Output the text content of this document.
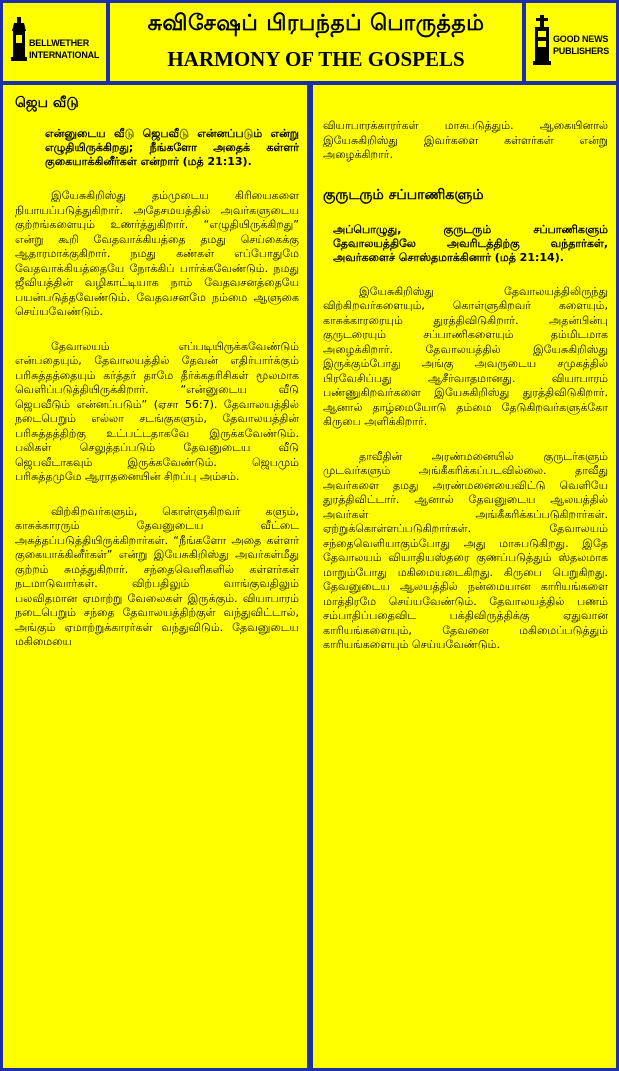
BELLWETHER
INTERNATIONAL
சுவிசேஷப் பிரபந்தப் பொருத்தம்
HARMONY OF THE GOSPELS
GOOD NEWS
PUBLISHERS
ஜெப வீடு

என்னுடைய வீடு ஜெபவீடு என்னப்படும் என்று எழுதியிருக்கிறது; நீங்களோ அதைக் கள்ளர் குகையாக்கினீர்கள் என்றார் (மத் 21:13).

இயேசுகிறிஸ்து தம்முடைய கிரியைகளை நியாயப்படுத்துகிறார். அதேசமயத்தில் அவர்களுடைய குற்றங்களையும் உணர்த்துகிறார். “எழுதியிருக்கிறது” என்று கூறி வேதவாக்கியத்தை தமது செய்கைக்கு ஆதாரமாக்குகிறார். நமது கண்கள் எப்போதுமே வேதவாக்கியத்தையே நோக்கிப் பார்க்கவேண்டும். நமது ஜீவியத்தின் வழிகாட்டியாக நாம் வேதவசனத்தையே பயன்படுத்தவேண்டும். வேதவசனமே நம்மை ஆளுகை செய்யவேண்டும்.

தேவாலயம் எப்படியிருக்கவேண்டும் என்பதையும், தேவாலயத்தில் தேவன் எதிர்பார்க்கும் பரிசுத்தத்தையும் கர்த்தர் தாமே தீர்க்கதரிசிகள் மூலமாக வெளிப்படுத்தியிருக்கிறார். “என்னுடைய வீடு ஜெபவீடும் என்னப்படும்” (ஏசா 56:7). தேவாலயத்தில் நடைபெறும் எல்லா சடங்குகளும், தேவாலயத்தின் பரிசுத்தத்திற்கு உட்பட்டதாகவே இருக்கவேண்டும். பலிகள் செலுத்தப்படும் தேவனுடைய வீடு ஜெபவீடாகவும் இருக்கவேண்டும். ஜெபமும் பரிசுத்தமுமே ஆராதனையின் சிறப்பு அம்சம்.

விற்கிறவர்களும், கொள்ளுகிறவர் களும், காசுக்காரரும் தேவனுடைய வீட்டை அசுத்தப்படுத்தியிருக்கிறார்கள். “நீங்களோ அதை கள்ளர் குகையாக்கினீர்கள்” என்று இயேசுகிறிஸ்து அவர்கள்மீது குற்றம் சுமத்துகிறார். சந்தைவெளிகளில் கள்ளர்கள் நடமாடுவார்கள். விற்பதிலும் வாங்குவதிலும் பலவிதமான ஏமாற்று வேலைகள் இருக்கும். வியாபாரம் நடைபெறும் சந்தை தேவாலயத்திற்குள் வந்துவிட்டால், அங்கும் ஏமாற்றுக்காரர்கள் வந்துவிடும். தேவனுடைய மகிமையை

வியாபாரக்காரர்கள் மாசுபடுத்தும். ஆகையினால் இயேசுகிறிஸ்து இவர்களை கள்ளர்கள் என்று அழைக்கிறார்.

குருடரும் சப்பாணிகளும்

அப்பொழுது, குருடரும் சப்பாணிகளும் தேவாலயத்திலே அவரிடத்திற்கு வந்தார்கள், அவர்களைச் சொஸ்தமாக்கினார் (மத் 21:14).

இயேசுகிறிஸ்து தேவாலயத்திலிருந்து விற்கிறவர்களையும், கொள்ளுகிறவர் களையும், காசுக்காரரையும் துரத்திவிடுகிறார். அதன்பின்பு குருடரையும் சப்பாணிகளையும் தம்மிடமாக அழைக்கிறார். தேவாலயத்தில் இயேசுகிறிஸ்து இருக்கும்போது அங்கு அவருடைய சமுகத்தில் பிரவேசிப்பது ஆசீர்வாதமானது. வியாபாரம் பண்ணுகிறவர்களை இயேசுகிறிஸ்து துரத்திவிடுகிறார். ஆனால் தாழ்மையோடு தம்மை தேடுகிறவர்களுக்கோ கிருபை அளிக்கிறார்.

தாவீதின் அரண்மனையில் குருடர்களும் முடவர்களும் அங்கீகரிக்கப்படவில்லை. தாவீது அவர்களை தமது அரண்மனையைவிட்டு வெளியே துரத்திவிட்டார். ஆனால் தேவனுடைய ஆலயத்தில் அவர்கள் அங்கீகரிக்கப்படுகிறார்கள். ஏற்றுக்கொள்ளப்படுகிறார்கள். தேவாலயம் சந்தைவெளியாகும்போது அது மாசுபடுகிறது. இதே தேவாலயம் வியாதியஸ்தரை குணப்படுத்தும் ஸ்தலமாக மாறும்போது மகிமையடைகிறது. கிருபை பெறுகிறது. தேவனுடைய ஆலயத்தில் நன்மையான காரியங்களை மாத்திரமே செய்யவேண்டும். தேவாலயத்தில் பணம் சம்பாதிப்பதைவிட பக்திவிருத்திக்கு ஏதுவான காரியங்களையும், தேவனை மகிமைப்படுத்தும் காரியங்களையும் செய்யவேண்டும்.
